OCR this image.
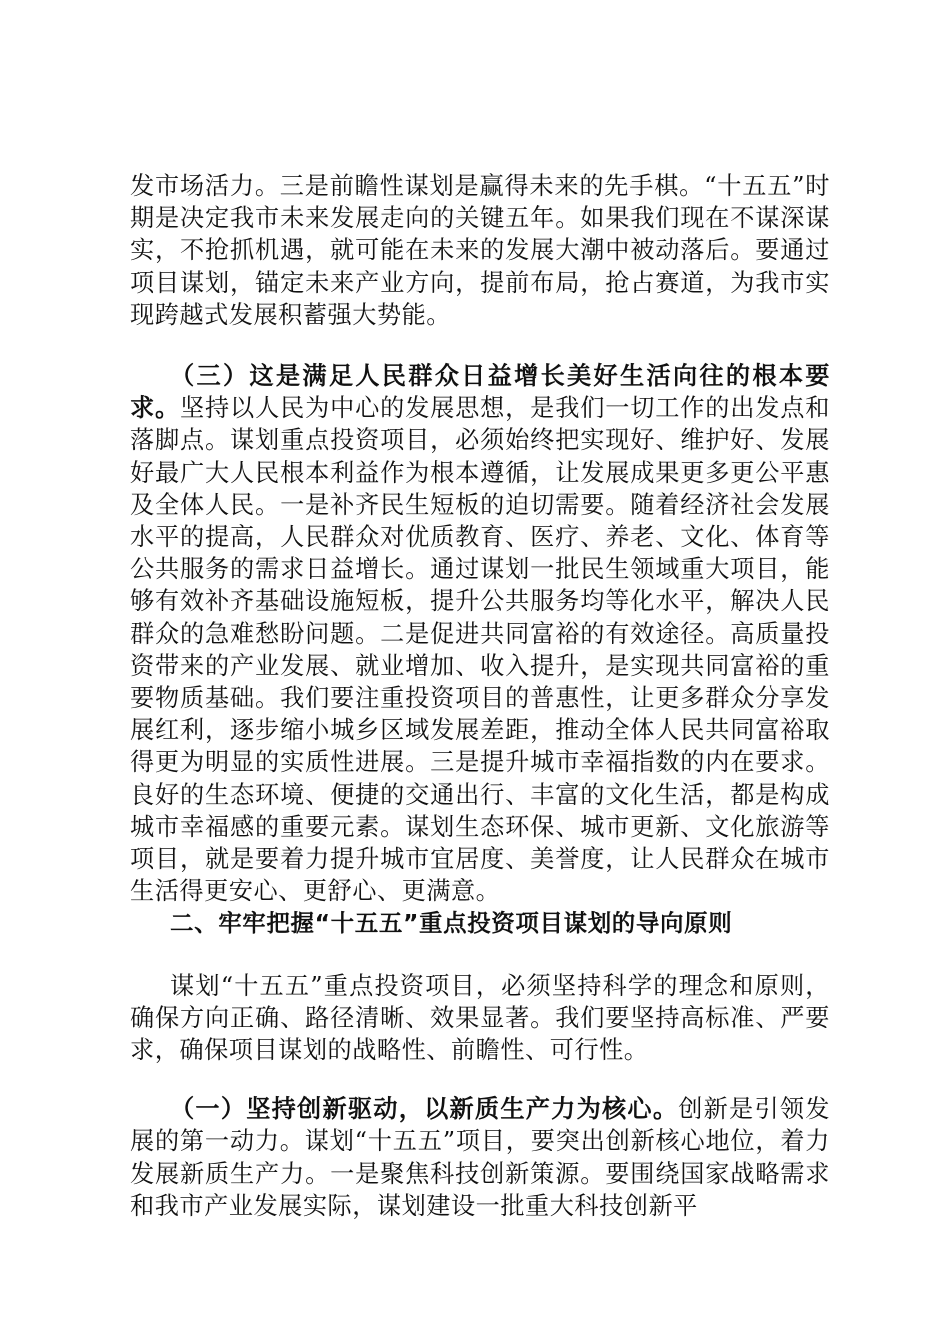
发市场活力。三是前瞻性谋划是赢得未来的先手棋。“十五五”时期是决定我市未来发展走向的关键五年。如果我们现在不谋深谋实，不抢抓机遇，就可能在未来的发展大潮中被动落后。要通过项目谋划，锚定未来产业方向，提前布局，抢占赛道，为我市实现跨越式发展积蓄强大势能。

（三）这是满足人民群众日益增长美好生活向往的根本要求。坚持以人民为中心的发展思想，是我们一切工作的出发点和落脚点。谋划重点投资项目，必须始终把实现好、维护好、发展好最广大人民根本利益作为根本遵循，让发展成果更多更公平惠及全体人民。一是补齐民生短板的迫切需要。随着经济社会发展水平的提高，人民群众对优质教育、医疗、养老、文化、体育等公共服务的需求日益增长。通过谋划一批民生领域重大项目，能够有效补齐基础设施短板，提升公共服务均等化水平，解决人民群众的急难愁盼问题。二是促进共同富裕的有效途径。高质量投资带来的产业发展、就业增加、收入提升，是实现共同富裕的重要物质基础。我们要注重投资项目的普惠性，让更多群众分享发展红利，逐步缩小城乡区域发展差距，推动全体人民共同富裕取得更为明显的实质性进展。三是提升城市幸福指数的内在要求。良好的生态环境、便捷的交通出行、丰富的文化生活，都是构成城市幸福感的重要元素。谋划生态环保、城市更新、文化旅游等项目，就是要着力提升城市宜居度、美誉度，让人民群众在城市生活得更安心、更舒心、更满意。

二、牢牢把握“十五五”重点投资项目谋划的导向原则

谋划“十五五”重点投资项目，必须坚持科学的理念和原则，确保方向正确、路径清晰、效果显著。我们要坚持高标准、严要求，确保项目谋划的战略性、前瞻性、可行性。

（一）坚持创新驱动，以新质生产力为核心。创新是引领发展的第一动力。谋划“十五五”项目，要突出创新核心地位，着力发展新质生产力。一是聚焦科技创新策源。要围绕国家战略需求和我市产业发展实际，谋划建设一批重大科技创新平
